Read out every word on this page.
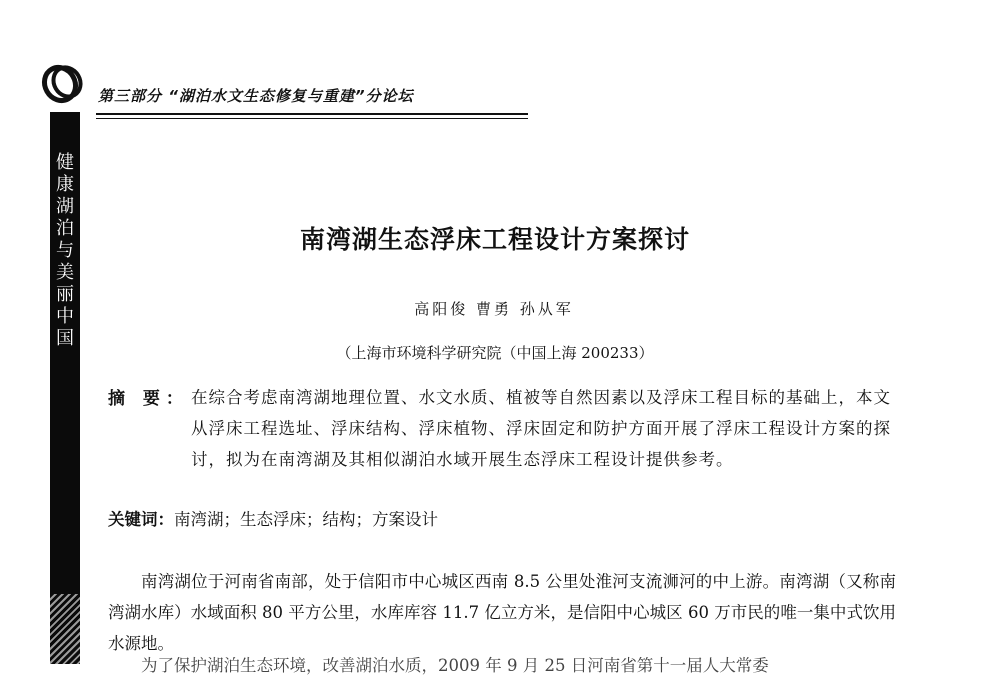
第三部分 “湖泊水文生态修复与重建”分论坛
健
康
湖
泊
与
美
丽
中
国
南湾湖生态浮床工程设计方案探讨
高阳俊 曹勇 孙从军
（上海市环境科学研究院（中国上海 200233）
摘 要： 在综合考虑南湾湖地理位置、水文水质、植被等自然因素以及浮床工程目标的基础上，本文从浮床工程选址、浮床结构、浮床植物、浮床固定和防护方面开展了浮床工程设计方案的探讨，拟为在南湾湖及其相似湖泊水域开展生态浮床工程设计提供参考。
关键词：南湾湖；生态浮床；结构；方案设计
南湾湖位于河南省南部，处于信阳市中心城区西南 8.5 公里处淮河支流浉河的中上游。南湾湖（又称南湾湖水库）水域面积 80 平方公里，水库库容 11.7 亿立方米，是信阳中心城区 60 万市民的唯一集中式饮用水源地。
为了保护湖泊生态环境，改善湖泊水质，2009 年 9 月 25 日河南省第十一届人大常委
